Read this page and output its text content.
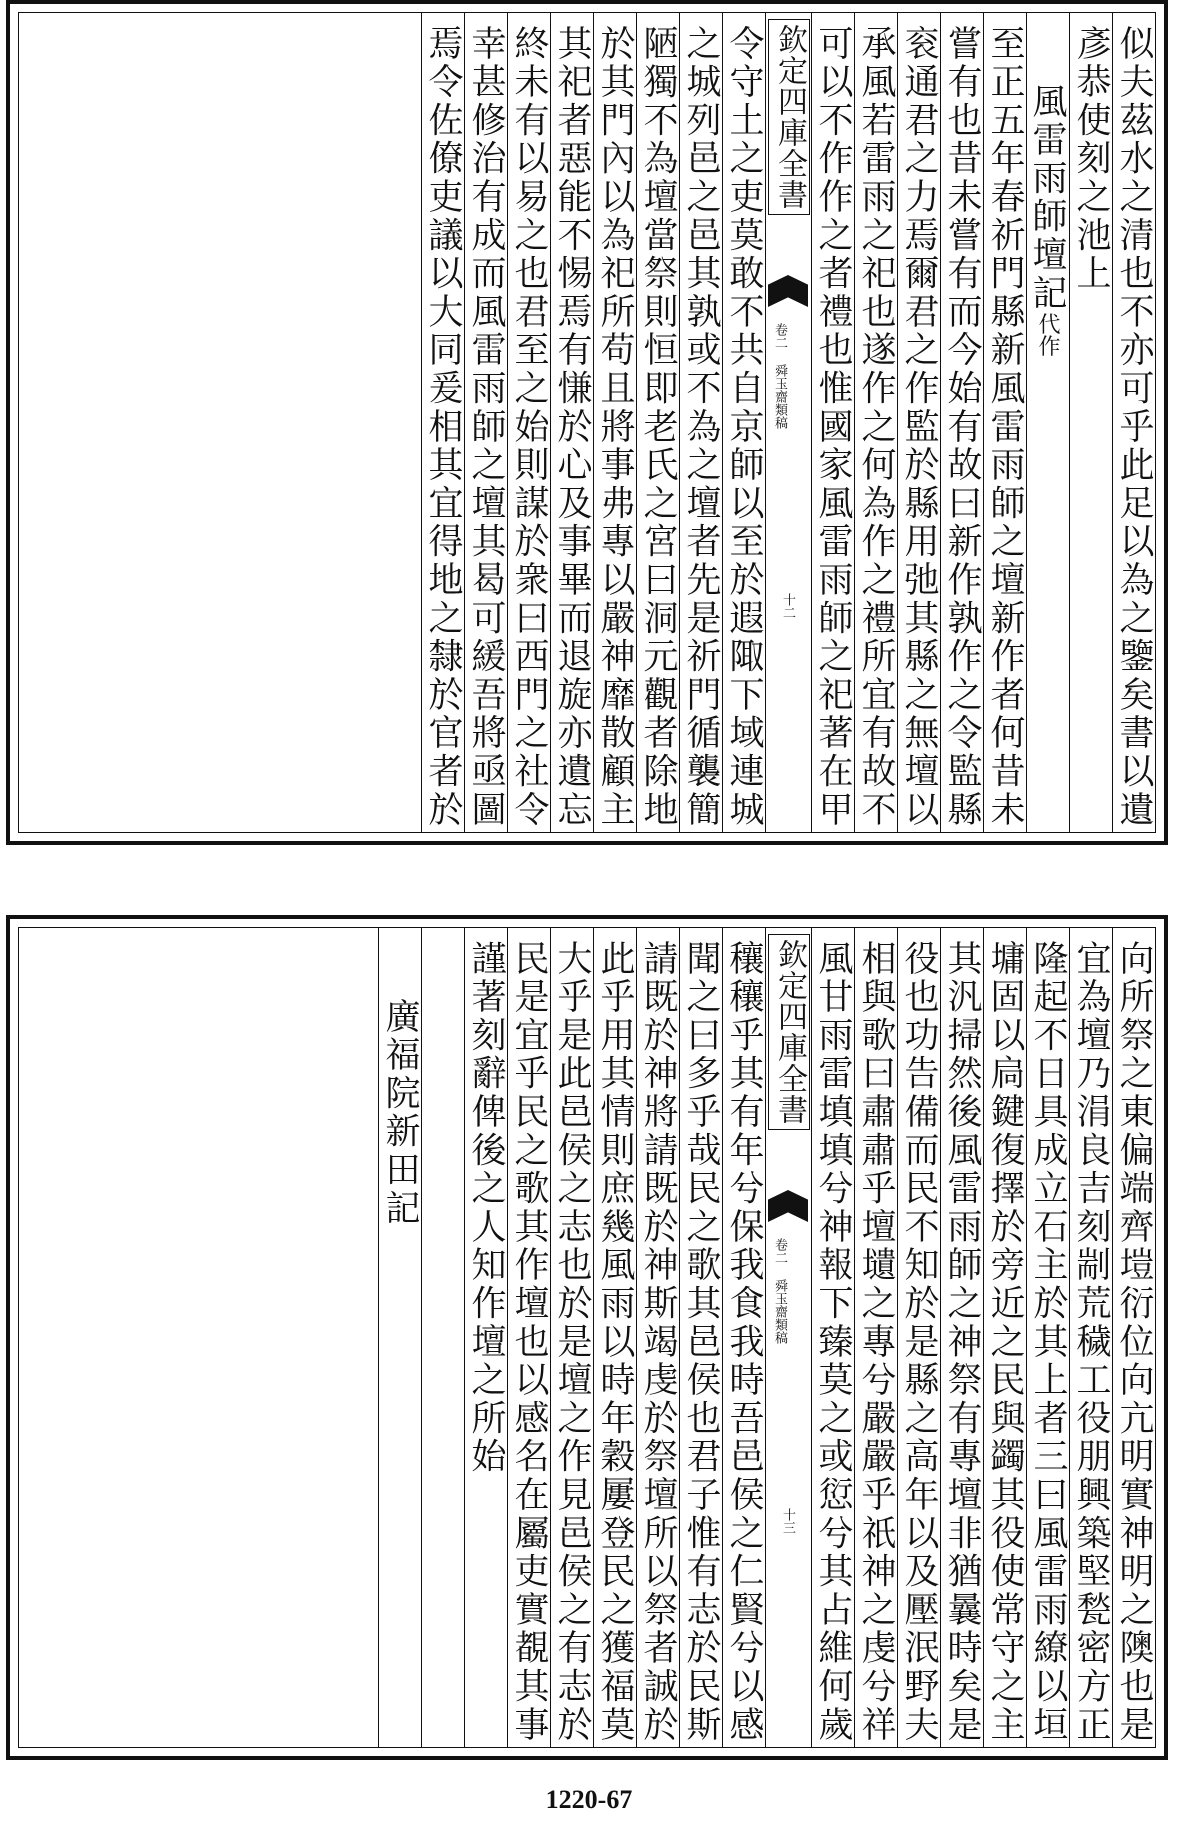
似夫茲水之清也不亦可乎此足以為之鑒矣書以遺
彥恭使刻之池上
風雷雨師壇記代作
至正五年春祈門縣新風雷雨師之壇新作者何昔未
嘗有也昔未嘗有而今始有故曰新作孰作之令監縣
衮通君之力焉爾君之作監於縣用弛其縣之無壇以
承風若雷雨之祀也遂作之何為作之禮所宜有故不
可以不作作之者禮也惟國家風雷雨師之祀著在甲
欽定四庫全書
卷二 舜玉齋類稿
十二
令守土之吏莫敢不共自京師以至於遐陬下域連城
之城列邑之邑其孰或不為之壇者先是祈門循襲簡
陋獨不為壇當祭則恒即老氏之宮曰洞元觀者除地
於其門內以為祀所苟且將事弗專以嚴神靡散顧主
其祀者惡能不惕焉有慊於心及事畢而退旋亦遺忘
終未有以易之也君至之始則謀於衆曰西門之社令
幸甚修治有成而風雷雨師之壇其曷可緩吾將亟圖
焉令佐僚吏議以大同爰相其宜得地之隸於官者於
向所祭之東偏端齊塏衍位向亢明實神明之隩也是
宜為壇乃涓良吉刻剬荒穢工役朋興築堅甃密方正
隆起不日具成立石主於其上者三曰風雷雨繚以垣
墉固以扃鍵復擇於旁近之民與蠲其役使常守之主
其汎掃然後風雷雨師之神祭有專壇非猶曩時矣是
役也功告備而民不知於是縣之高年以及壓泯野夫
相與歌曰肅肅乎壇壝之專兮嚴嚴乎祇神之虔兮祥
風甘雨雷填填兮神報下臻莫之或愆兮其占維何歲
欽定四庫全書
卷二 舜玉齋類稿
十三
穰穰乎其有年兮保我食我時吾邑侯之仁賢兮以感
聞之曰多乎哉民之歌其邑侯也君子惟有志於民斯
請既於神將請既於神斯竭虔於祭壇所以祭者誠於
此乎用其情則庶幾風雨以時年穀屢登民之獲福莫
大乎是此邑侯之志也於是壇之作見邑侯之有志於
民是宜乎民之歌其作壇也以感名在屬吏實覩其事
謹著刻辭俾後之人知作壇之所始
廣福院新田記
1220-67
